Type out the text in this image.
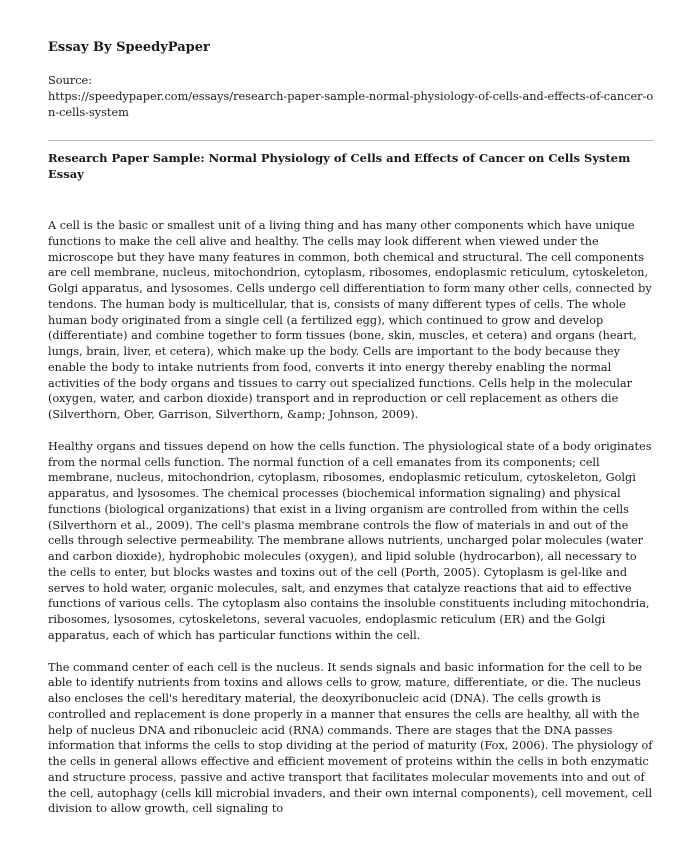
Essay By SpeedyPaper
Source:
https://speedypaper.com/essays/research-paper-sample-normal-physiology-of-cells-and-effects-of-cancer-on-cells-system
Research Paper Sample: Normal Physiology of Cells and Effects of Cancer on Cells System Essay

A cell is the basic or smallest unit of a living thing and has many other components which have unique functions to make the cell alive and healthy. The cells may look different when viewed under the microscope but they have many features in common, both chemical and structural. The cell components are cell membrane, nucleus, mitochondrion, cytoplasm, ribosomes, endoplasmic reticulum, cytoskeleton, Golgi apparatus, and lysosomes. Cells undergo cell differentiation to form many other cells, connected by tendons. The human body is multicellular, that is, consists of many different types of cells. The whole human body originated from a single cell (a fertilized egg), which continued to grow and develop (differentiate) and combine together to form tissues (bone, skin, muscles, et cetera) and organs (heart, lungs, brain, liver, et cetera), which make up the body. Cells are important to the body because they enable the body to intake nutrients from food, converts it into energy thereby enabling the normal activities of the body organs and tissues to carry out specialized functions. Cells help in the molecular (oxygen, water, and carbon dioxide) transport and in reproduction or cell replacement as others die (Silverthorn, Ober, Garrison, Silverthorn, &amp; Johnson, 2009).

Healthy organs and tissues depend on how the cells function. The physiological state of a body originates from the normal cells function. The normal function of a cell emanates from its components; cell membrane, nucleus, mitochondrion, cytoplasm, ribosomes, endoplasmic reticulum, cytoskeleton, Golgi apparatus, and lysosomes. The chemical processes (biochemical information signaling) and physical functions (biological organizations) that exist in a living organism are controlled from within the cells (Silverthorn et al., 2009). The cell's plasma membrane controls the flow of materials in and out of the cells through selective permeability. The membrane allows nutrients, uncharged polar molecules (water and carbon dioxide), hydrophobic molecules (oxygen), and lipid soluble (hydrocarbon), all necessary to the cells to enter, but blocks wastes and toxins out of the cell (Porth, 2005). Cytoplasm is gel-like and serves to hold water, organic molecules, salt, and enzymes that catalyze reactions that aid to effective functions of various cells. The cytoplasm also contains the insoluble constituents including mitochondria, ribosomes, lysosomes, cytoskeletons, several vacuoles, endoplasmic reticulum (ER) and the Golgi apparatus, each of which has particular functions within the cell.

The command center of each cell is the nucleus. It sends signals and basic information for the cell to be able to identify nutrients from toxins and allows cells to grow, mature, differentiate, or die. The nucleus also encloses the cell's hereditary material, the deoxyribonucleic acid (DNA). The cells growth is controlled and replacement is done properly in a manner that ensures the cells are healthy, all with the help of nucleus DNA and ribonucleic acid (RNA) commands. There are stages that the DNA passes information that informs the cells to stop dividing at the period of maturity (Fox, 2006). The physiology of the cells in general allows effective and efficient movement of proteins within the cells in both enzymatic and structure process, passive and active transport that facilitates molecular movements into and out of the cell, autophagy (cells kill microbial invaders, and their own internal components), cell movement, cell division to allow growth, cell signaling to
